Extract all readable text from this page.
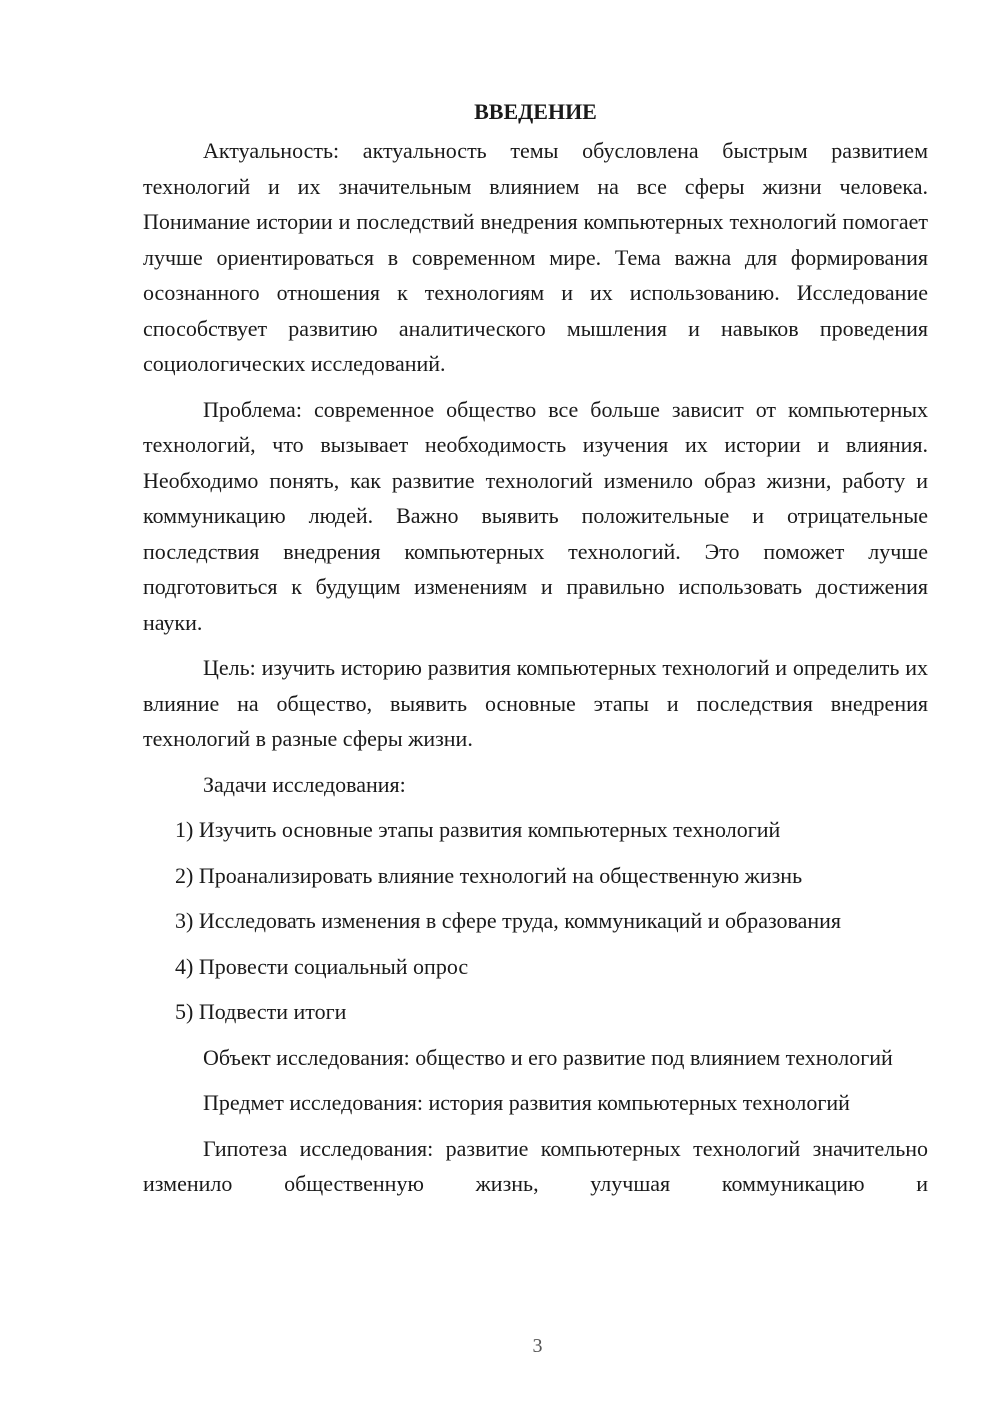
ВВЕДЕНИЕ

Актуальность: актуальность темы обусловлена быстрым развитием технологий и их значительным влиянием на все сферы жизни человека. Понимание истории и последствий внедрения компьютерных технологий помогает лучше ориентироваться в современном мире. Тема важна для формирования осознанного отношения к технологиям и их использованию. Исследование способствует развитию аналитического мышления и навыков проведения социологических исследований.

Проблема: современное общество все больше зависит от компьютерных технологий, что вызывает необходимость изучения их истории и влияния. Необходимо понять, как развитие технологий изменило образ жизни, работу и коммуникацию людей. Важно выявить положительные и отрицательные последствия внедрения компьютерных технологий. Это поможет лучше подготовиться к будущим изменениям и правильно использовать достижения науки.

Цель: изучить историю развития компьютерных технологий и определить их влияние на общество, выявить основные этапы и последствия внедрения технологий в разные сферы жизни.

Задачи исследования:

1) Изучить основные этапы развития компьютерных технологий

2) Проанализировать влияние технологий на общественную жизнь

3) Исследовать изменения в сфере труда, коммуникаций и образования

4) Провести социальный опрос

5) Подвести итоги

Объект исследования: общество и его развитие под влиянием технологий

Предмет исследования: история развития компьютерных технологий

Гипотеза исследования: развитие компьютерных технологий значительно изменило общественную жизнь, улучшая коммуникацию и

3
